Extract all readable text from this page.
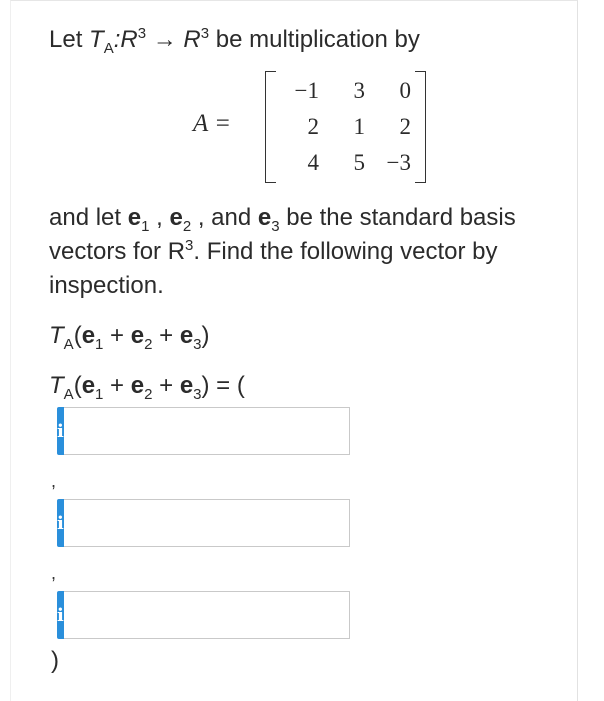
Let $T_A:R^3 \to R^3$ be multiplication by
A =
−1	3	0
2	1	2
4	5 −3
and let $e_1$ , $e_2$ , and $e_3$ be the standard basis
vectors for $R^3$. Find the following vector by
inspection.
$T_A(e_1 + e_2 + e_3)$
$T_A(e_1 + e_2 + e_3)$ = (
i
,
i
,
i
)
